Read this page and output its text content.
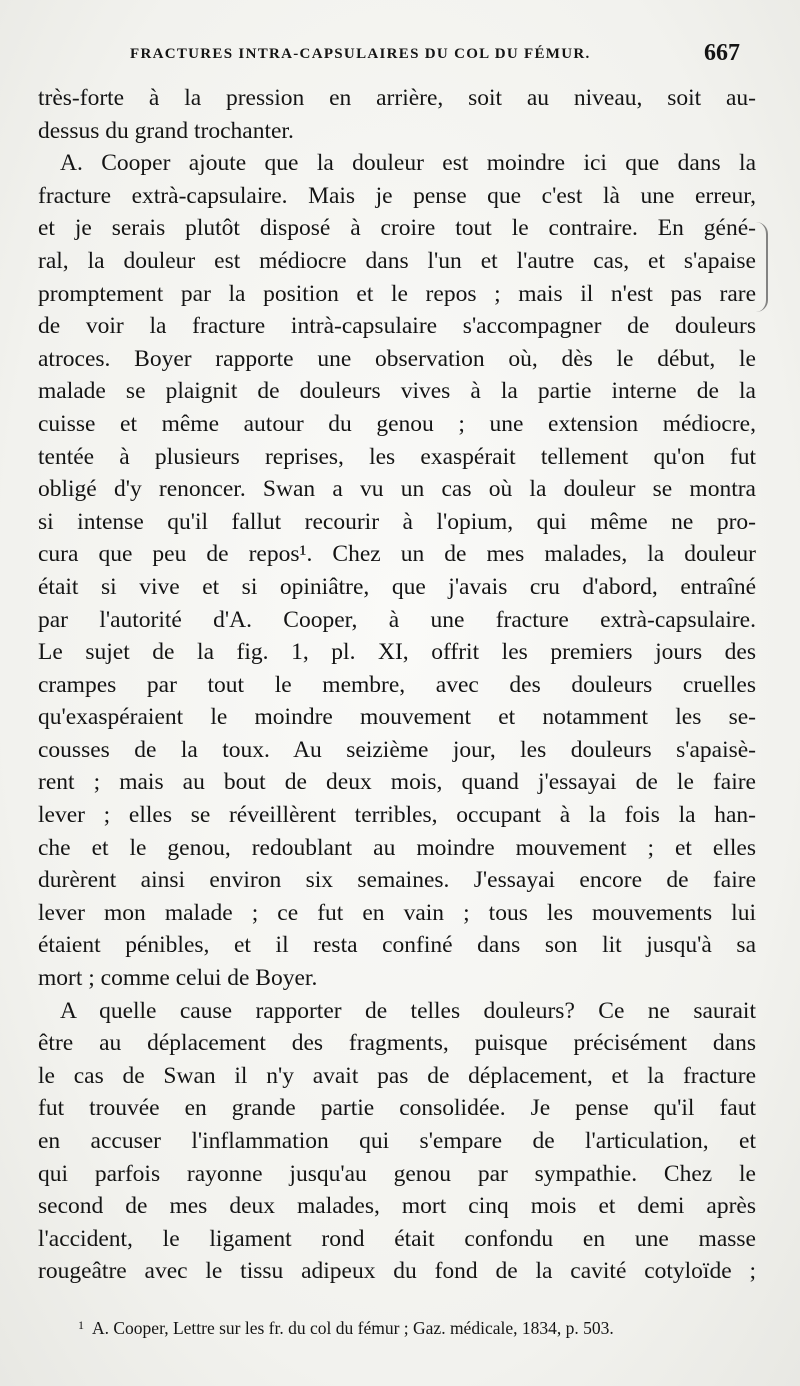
FRACTURES INTRA-CAPSULAIRES DU COL DU FÉMUR.	667
très-forte à la pression en arrière, soit au niveau, soit au-
dessus du grand trochanter.
A. Cooper ajoute que la douleur est moindre ici que dans la
fracture extrà-capsulaire. Mais je pense que c'est là une erreur,
et je serais plutôt disposé à croire tout le contraire. En géné-
ral, la douleur est médiocre dans l'un et l'autre cas, et s'apaise
promptement par la position et le repos ; mais il n'est pas rare
de voir la fracture intrà-capsulaire s'accompagner de douleurs
atroces. Boyer rapporte une observation où, dès le début, le
malade se plaignit de douleurs vives à la partie interne de la
cuisse et même autour du genou ; une extension médiocre,
tentée à plusieurs reprises, les exaspérait tellement qu'on fut
obligé d'y renoncer. Swan a vu un cas où la douleur se montra
si intense qu'il fallut recourir à l'opium, qui même ne pro-
cura que peu de repos¹. Chez un de mes malades, la douleur
était si vive et si opiniâtre, que j'avais cru d'abord, entraîné
par l'autorité d'A. Cooper, à une fracture extrà-capsulaire.
Le sujet de la fig. 1, pl. XI, offrit les premiers jours des
crampes par tout le membre, avec des douleurs cruelles
qu'exaspéraient le moindre mouvement et notamment les se-
cousses de la toux. Au seizième jour, les douleurs s'apaisè-
rent ; mais au bout de deux mois, quand j'essayai de le faire
lever ; elles se réveillèrent terribles, occupant à la fois la han-
che et le genou, redoublant au moindre mouvement ; et elles
durèrent ainsi environ six semaines. J'essayai encore de faire
lever mon malade ; ce fut en vain ; tous les mouvements lui
étaient pénibles, et il resta confiné dans son lit jusqu'à sa
mort ; comme celui de Boyer.
A quelle cause rapporter de telles douleurs? Ce ne saurait
être au déplacement des fragments, puisque précisément dans
le cas de Swan il n'y avait pas de déplacement, et la fracture
fut trouvée en grande partie consolidée. Je pense qu'il faut
en accuser l'inflammation qui s'empare de l'articulation, et
qui parfois rayonne jusqu'au genou par sympathie. Chez le
second de mes deux malades, mort cinq mois et demi après
l'accident, le ligament rond était confondu en une masse
rougeâtre avec le tissu adipeux du fond de la cavité cotyloïde ;
$^1$ A. Cooper, Lettre sur les fr. du col du fémur ; Gaz. médicale, 1834, p. 503.
